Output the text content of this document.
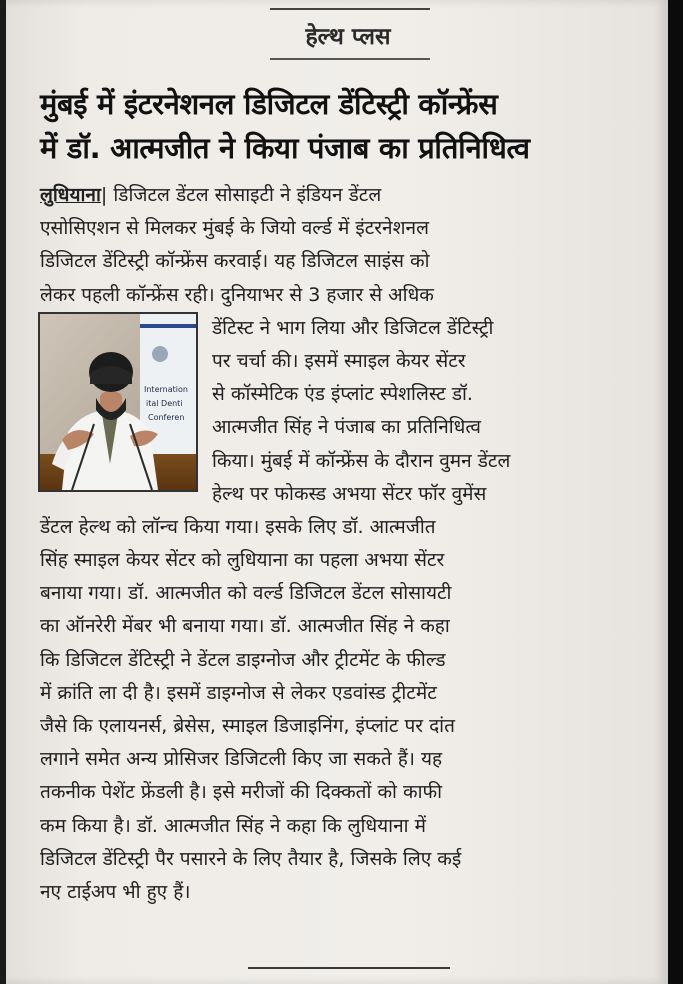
हेल्थ प्लस
मुंबई में इंटरनेशनल डिजिटल डेंटिस्ट्री कॉन्फ्रेंस
में डॉ. आत्मजीत ने किया पंजाब का प्रतिनिधित्व
लुधियाना| डिजिटल डेंटल सोसाइटी ने इंडियन डेंटल
एसोसिएशन से मिलकर मुंबई के जियो वर्ल्ड में इंटरनेशनल
डिजिटल डेंटिस्ट्री कॉन्फ्रेंस करवाई। यह डिजिटल साइंस को
लेकर पहली कॉन्फ्रेंस रही। दुनियाभर से 3 हजार से अधिक
डेंटिस्ट ने भाग लिया और डिजिटल डेंटिस्ट्री
पर चर्चा की। इसमें स्माइल केयर सेंटर
से कॉस्मेटिक एंड इंप्लांट स्पेशलिस्ट डॉ.
आत्मजीत सिंह ने पंजाब का प्रतिनिधित्व
किया। मुंबई में कॉन्फ्रेंस के दौरान वुमन डेंटल
हेल्थ पर फोकस्ड अभया सेंटर फॉर वुमेंस
डेंटल हेल्थ को लॉन्च किया गया। इसके लिए डॉ. आत्मजीत
सिंह स्माइल केयर सेंटर को लुधियाना का पहला अभया सेंटर
बनाया गया। डॉ. आत्मजीत को वर्ल्ड डिजिटल डेंटल सोसायटी
का ऑनरेरी मेंबर भी बनाया गया। डॉ. आत्मजीत सिंह ने कहा
कि डिजिटल डेंटिस्ट्री ने डेंटल डाइग्नोज और ट्रीटमेंट के फील्ड
में क्रांति ला दी है। इसमें डाइग्नोज से लेकर एडवांस्ड ट्रीटमेंट
जैसे कि एलायनर्स, ब्रेसेस, स्माइल डिजाइनिंग, इंप्लांट पर दांत
लगाने समेत अन्य प्रोसिजर डिजिटली किए जा सकते हैं। यह
तकनीक पेशेंट फ्रेंडली है। इसे मरीजों की दिक्कतों को काफी
कम किया है। डॉ. आत्मजीत सिंह ने कहा कि लुधियाना में
डिजिटल डेंटिस्ट्री पैर पसारने के लिए तैयार है, जिसके लिए कई
नए टाईअप भी हुए हैं।
Internation
ital Denti
Conferen
